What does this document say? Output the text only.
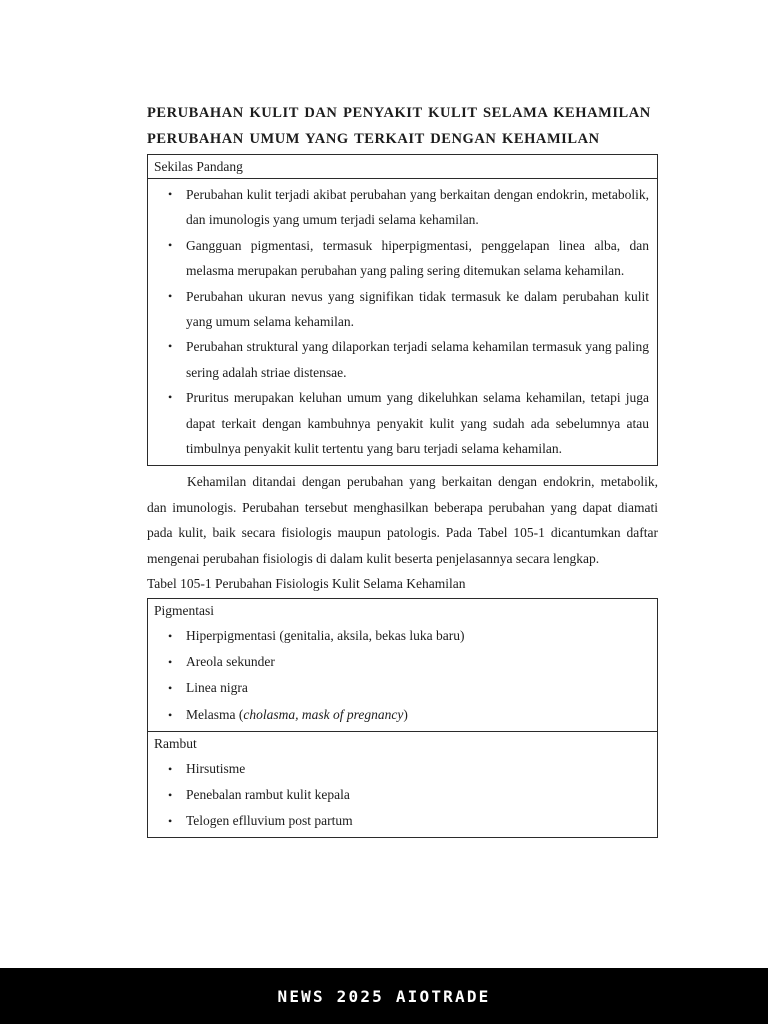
PERUBAHAN KULIT DAN PENYAKIT KULIT SELAMA KEHAMILAN
PERUBAHAN UMUM YANG TERKAIT DENGAN KEHAMILAN
Sekilas Pandang
• Perubahan kulit terjadi akibat perubahan yang berkaitan dengan endokrin, metabolik, dan imunologis yang umum terjadi selama kehamilan.
• Gangguan pigmentasi, termasuk hiperpigmentasi, penggelapan linea alba, dan melasma merupakan perubahan yang paling sering ditemukan selama kehamilan.
• Perubahan ukuran nevus yang signifikan tidak termasuk ke dalam perubahan kulit yang umum selama kehamilan.
• Perubahan struktural yang dilaporkan terjadi selama kehamilan termasuk yang paling sering adalah striae distensae.
• Pruritus merupakan keluhan umum yang dikeluhkan selama kehamilan, tetapi juga dapat terkait dengan kambuhnya penyakit kulit yang sudah ada sebelumnya atau timbulnya penyakit kulit tertentu yang baru terjadi selama kehamilan.

Kehamilan ditandai dengan perubahan yang berkaitan dengan endokrin, metabolik, dan imunologis. Perubahan tersebut menghasilkan beberapa perubahan yang dapat diamati pada kulit, baik secara fisiologis maupun patologis. Pada Tabel 105-1 dicantumkan daftar mengenai perubahan fisiologis di dalam kulit beserta penjelasannya secara lengkap.

Tabel 105-1 Perubahan Fisiologis Kulit Selama Kehamilan
Pigmentasi
• Hiperpigmentasi (genitalia, aksila, bekas luka baru)
• Areola sekunder
• Linea nigra
• Melasma (cholasma, mask of pregnancy)
Rambut
• Hirsutisme
• Penebalan rambut kulit kepala
• Telogen eflluvium post partum
NEWS 2025 AIOTRADE
